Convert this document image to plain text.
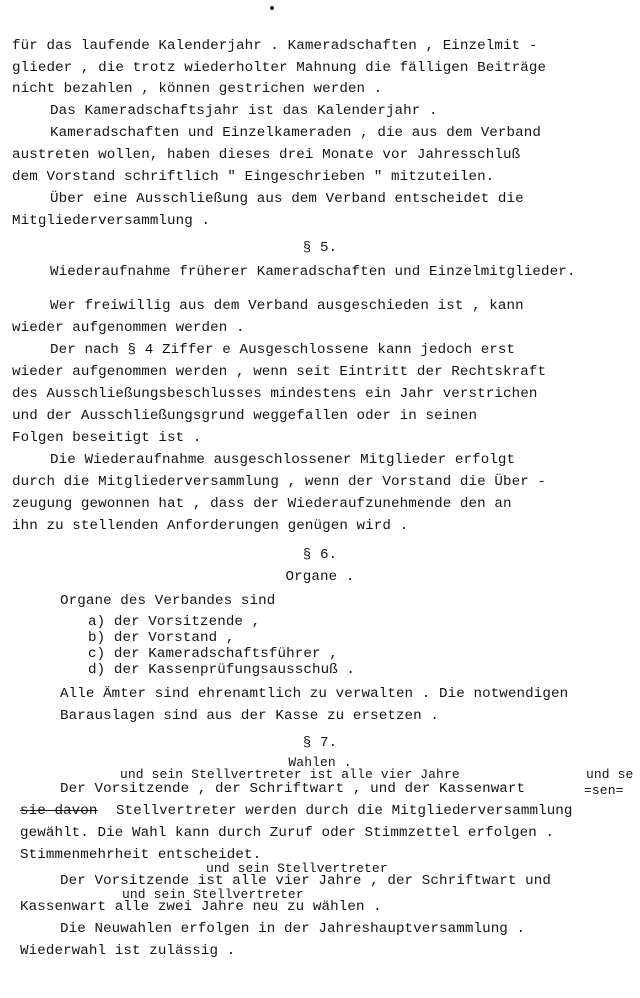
für das laufende Kalenderjahr . Kameradschaften , Einzelmit -
glieder , die trotz wiederholter Mahnung die fälligen Beiträge
nicht bezahlen , können gestrichen werden .
Das Kameradschaftsjahr ist das Kalenderjahr .
Kameradschaften und Einzelkameraden , die aus dem Verband
austreten wollen, haben dieses drei Monate vor Jahresschluß
dem Vorstand schriftlich " Eingeschrieben " mitzuteilen.
Über eine Ausschließung aus dem Verband entscheidet die
Mitgliederversammlung .
§ 5.
Wiederaufnahme früherer Kameradschaften und Einzelmitglieder.
Wer freiwillig aus dem Verband ausgeschieden ist , kann
wieder aufgenommen werden .
Der nach § 4 Ziffer e Ausgeschlossene kann jedoch erst
wieder aufgenommen werden , wenn seit Eintritt der Rechtskraft
des Ausschließungsbeschlusses mindestens ein Jahr verstrichen
und der Ausschließungsgrund weggefallen oder in seinen
Folgen beseitigt ist .
Die Wiederaufnahme ausgeschlossener Mitglieder erfolgt
durch die Mitgliederversammlung , wenn der Vorstand die Über -
zeugung gewonnen hat , dass der Wiederaufzunehmende den an
ihn zu stellenden Anforderungen genügen wird .
§ 6.
Organe .
Organe des Verbandes sind
a) der Vorsitzende ,
b) der Vorstand ,
c) der Kameradschaftsführer ,
d) der Kassenprüfungsausschuß .
Alle Ämter sind ehrenamtlich zu verwalten . Die notwendigen
Barauslagen sind aus der Kasse zu ersetzen .
§ 7.
Wahlen .
und sein Stellvertreter ist alle vier Jahre	und se
Der Vorsitzende , der Schriftwart , und der Kassenwart	=sen=
sie davon Stellvertreter werden durch die Mitgliederversammlung
gewählt. Die Wahl kann durch Zuruf oder Stimmzettel erfolgen .
Stimmenmehrheit entscheidet.
und sein Stellvertreter
Der Vorsitzende ist alle vier Jahre , der Schriftwart und
und sein Stellvertreter
Kassenwart alle zwei Jahre neu zu wählen .
Die Neuwahlen erfolgen in der Jahreshauptversammlung .
Wiederwahl ist zulässig .
